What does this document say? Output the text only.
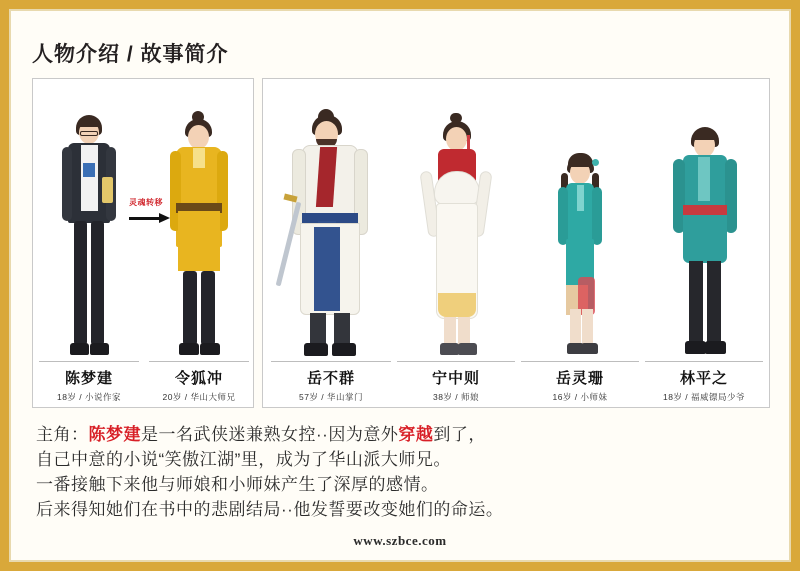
人物介绍 / 故事简介
灵魂转移
陈梦建
18岁 / 小说作家
令狐冲
20岁 / 华山大师兄
岳不群
57岁 / 华山掌门
宁中则
38岁 / 师娘
岳灵珊
16岁 / 小师妹
林平之
18岁 / 福威镖局少爷
主角：陈梦建是一名武侠迷兼熟女控··因为意外穿越到了，
自己中意的小说“笑傲江湖”里，成为了华山派大师兄。
一番接触下来他与师娘和小师妹产生了深厚的感情。
后来得知她们在书中的悲剧结局··他发誓要改变她们的命运。
www.szbce.com
